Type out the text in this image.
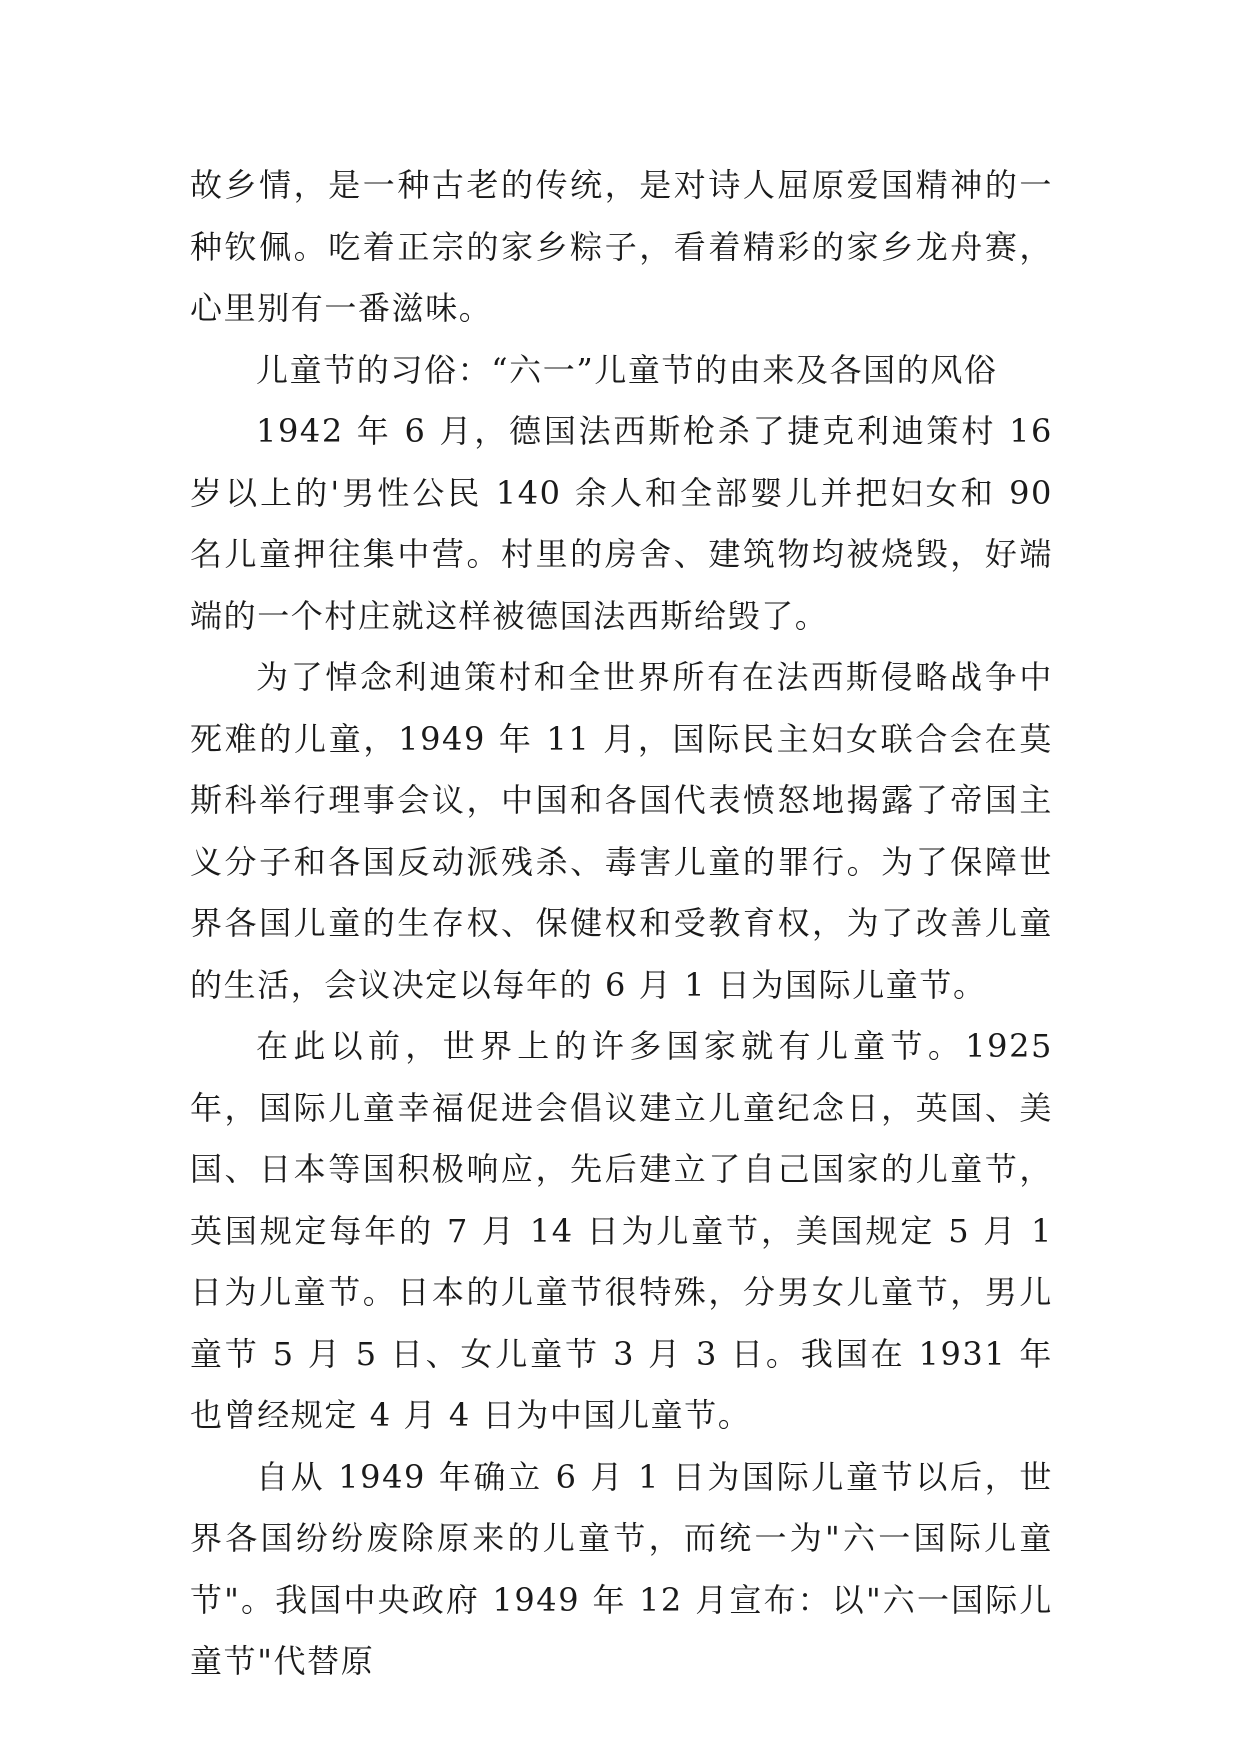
故乡情，是一种古老的传统，是对诗人屈原爱国精神的一种钦佩。吃着正宗的家乡粽子，看着精彩的家乡龙舟赛，心里别有一番滋味。

儿童节的习俗：“六一”儿童节的由来及各国的风俗

1942 年 6 月，德国法西斯枪杀了捷克利迪策村 16 岁以上的'男性公民 140 余人和全部婴儿并把妇女和 90 名儿童押往集中营。村里的房舍、建筑物均被烧毁，好端端的一个村庄就这样被德国法西斯给毁了。

为了悼念利迪策村和全世界所有在法西斯侵略战争中死难的儿童，1949 年 11 月，国际民主妇女联合会在莫斯科举行理事会议，中国和各国代表愤怒地揭露了帝国主义分子和各国反动派残杀、毒害儿童的罪行。为了保障世界各国儿童的生存权、保健权和受教育权，为了改善儿童的生活，会议决定以每年的 6 月 1 日为国际儿童节。

在此以前，世界上的许多国家就有儿童节。1925 年，国际儿童幸福促进会倡议建立儿童纪念日，英国、美国、日本等国积极响应，先后建立了自己国家的儿童节，英国规定每年的 7 月 14 日为儿童节，美国规定 5 月 1 日为儿童节。日本的儿童节很特殊，分男女儿童节，男儿童节 5 月 5 日、女儿童节 3 月 3 日。我国在 1931 年也曾经规定 4 月 4 日为中国儿童节。

自从 1949 年确立 6 月 1 日为国际儿童节以后，世界各国纷纷废除原来的儿童节，而统一为"六一国际儿童节"。我国中央政府 1949 年 12 月宣布：以"六一国际儿童节"代替原
